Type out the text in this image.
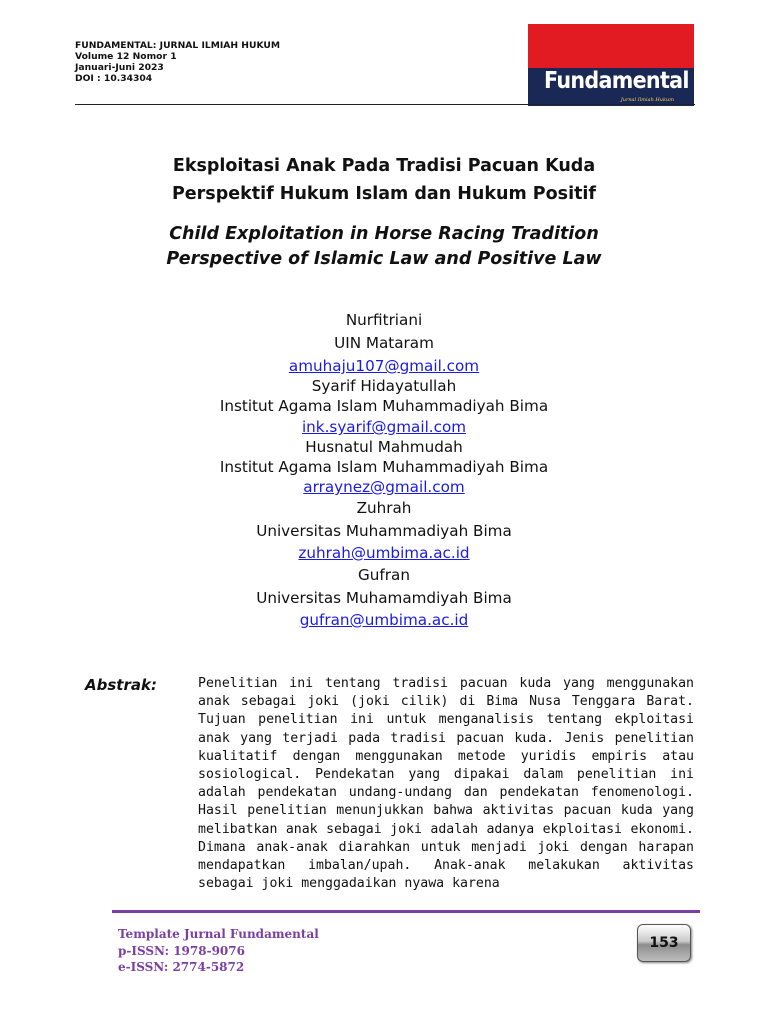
FUNDAMENTAL: JURNAL ILMIAH HUKUM
Volume 12 Nomor 1
Januari-Juni 2023
DOI : 10.34304	Fundamental
Jurnal Ilmiah Hukum
Eksploitasi Anak Pada Tradisi Pacuan Kuda
Perspektif Hukum Islam dan Hukum Positif
Child Exploitation in Horse Racing Tradition
Perspective of Islamic Law and Positive Law
Nurfitriani
UIN Mataram
amuhaju107@gmail.com
Syarif Hidayatullah
Institut Agama Islam Muhammadiyah Bima
ink.syarif@gmail.com
Husnatul Mahmudah
Institut Agama Islam Muhammadiyah Bima
arraynez@gmail.com
Zuhrah
Universitas Muhammadiyah Bima
zuhrah@umbima.ac.id
Gufran
Universitas Muhamamdiyah Bima
gufran@umbima.ac.id
Abstrak:	Penelitian ini tentang tradisi pacuan kuda yang menggunakan anak sebagai joki (joki cilik) di Bima Nusa Tenggara Barat. Tujuan penelitian ini untuk menganalisis tentang ekploitasi anak yang terjadi pada tradisi pacuan kuda. Jenis penelitian kualitatif dengan menggunakan metode yuridis empiris atau sosiological. Pendekatan yang dipakai dalam penelitian ini adalah pendekatan undang-undang dan pendekatan fenomenologi. Hasil penelitian menunjukkan bahwa aktivitas pacuan kuda yang melibatkan anak sebagai joki adalah adanya ekploitasi ekonomi. Dimana anak-anak diarahkan untuk menjadi joki dengan harapan mendapatkan imbalan/upah. Anak-anak melakukan aktivitas sebagai joki menggadaikan nyawa karena
Template Jurnal Fundamental
p-ISSN: 1978-9076
e-ISSN: 2774-5872
153
